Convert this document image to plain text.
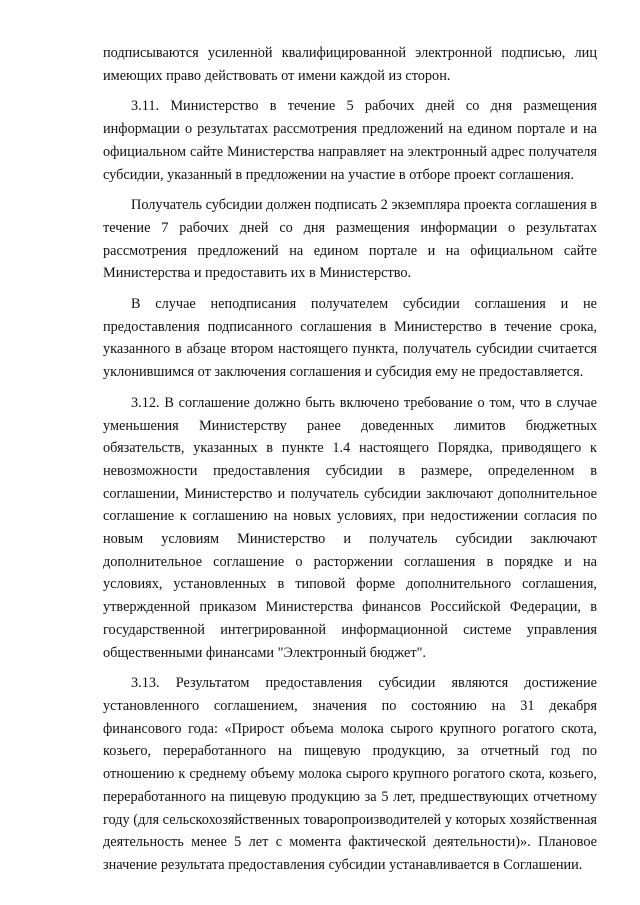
подписываются усиленной квалифицированной электронной подписью, лиц имеющих право действовать от имени каждой из сторон.

3.11. Министерство в течение 5 рабочих дней со дня размещения информации о результатах рассмотрения предложений на едином портале и на официальном сайте Министерства направляет на электронный адрес получателя субсидии, указанный в предложении на участие в отборе проект соглашения.

Получатель субсидии должен подписать 2 экземпляра проекта соглашения в течение 7 рабочих дней со дня размещения информации о результатах рассмотрения предложений на едином портале и на официальном сайте Министерства и предоставить их в Министерство.

В случае неподписания получателем субсидии соглашения и не предоставления подписанного соглашения в Министерство в течение срока, указанного в абзаце втором настоящего пункта, получатель субсидии считается уклонившимся от заключения соглашения и субсидия ему не предоставляется.

3.12. В соглашение должно быть включено требование о том, что в случае уменьшения Министерству ранее доведенных лимитов бюджетных обязательств, указанных в пункте 1.4 настоящего Порядка, приводящего к невозможности предоставления субсидии в размере, определенном в соглашении, Министерство и получатель субсидии заключают дополнительное соглашение к соглашению на новых условиях, при недостижении согласия по новым условиям Министерство и получатель субсидии заключают дополнительное соглашение о расторжении соглашения в порядке и на условиях, установленных в типовой форме дополнительного соглашения, утвержденной приказом Министерства финансов Российской Федерации, в государственной интегрированной информационной системе управления общественными финансами "Электронный бюджет".

3.13. Результатом предоставления субсидии являются достижение установленного соглашением, значения по состоянию на 31 декабря финансового года: «Прирост объема молока сырого крупного рогатого скота, козьего, переработанного на пищевую продукцию, за отчетный год по отношению к среднему объему молока сырого крупного рогатого скота, козьего, переработанного на пищевую продукцию за 5 лет, предшествующих отчетному году (для сельскохозяйственных товаропроизводителей у которых хозяйственная деятельность менее 5 лет с момента фактической деятельности)». Плановое значение результата предоставления субсидии устанавливается в Соглашении.
